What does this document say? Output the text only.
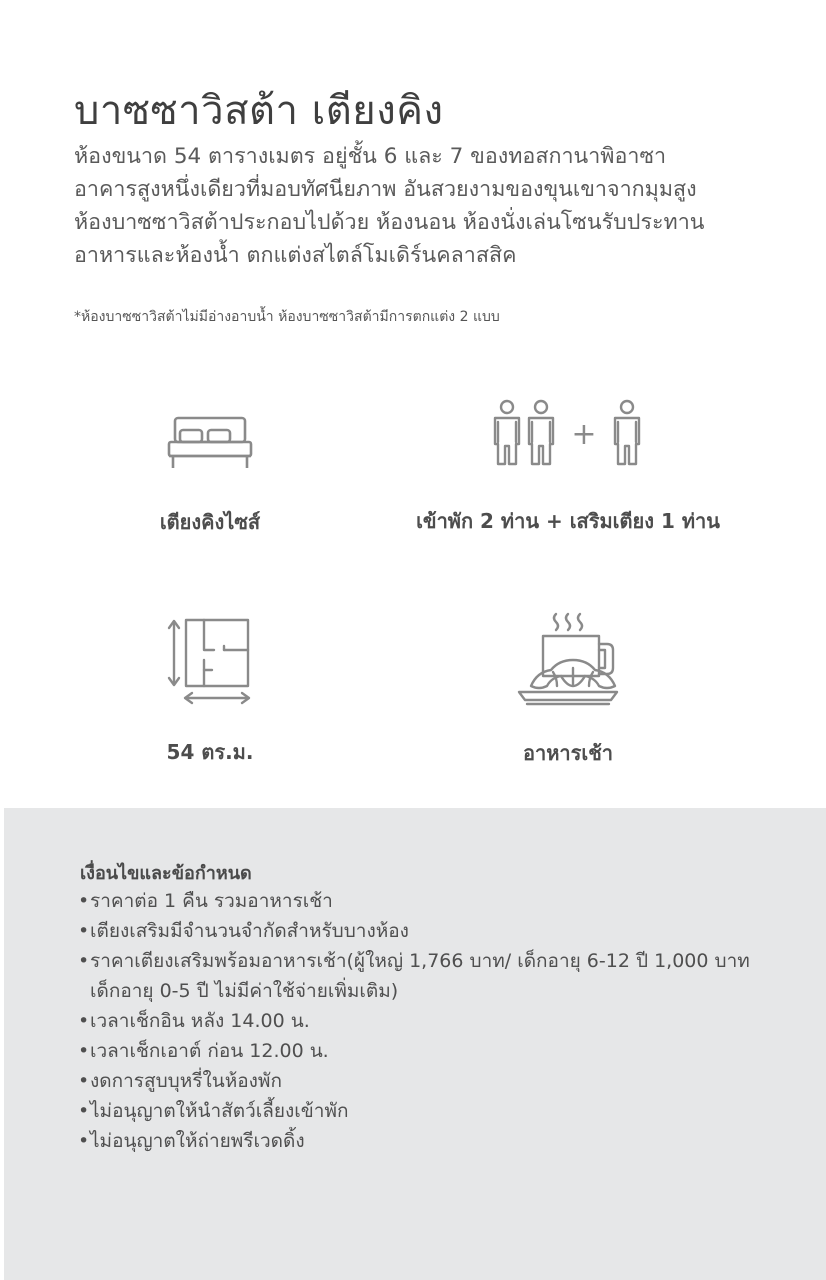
บาซซาวิสต้า เตียงคิง
ห้องขนาด 54 ตารางเมตร อยู่ชั้น 6 และ 7 ของทอสกานาพิอาซา
อาคารสูงหนึ่งเดียวที่มอบทัศนียภาพ อันสวยงามของขุนเขาจากมุมสูง
ห้องบาซซาวิสต้าประกอบไปด้วย ห้องนอน ห้องนั่งเล่นโซนรับประทาน
อาหารและห้องน้ำ ตกแต่งสไตล์โมเดิร์นคลาสสิค
*ห้องบาซซาวิสต้าไม่มีอ่างอาบน้ำ ห้องบาซซาวิสต้ามีการตกแต่ง 2 แบบ
เตียงคิงไซส์
+
เข้าพัก 2 ท่าน + เสริมเตียง 1 ท่าน
54 ตร.ม.	อาหารเช้า
เงื่อนไขและข้อกำหนด
• ราคาต่อ 1 คืน รวมอาหารเช้า
• เตียงเสริมมีจำนวนจำกัดสำหรับบางห้อง
• ราคาเตียงเสริมพร้อมอาหารเช้า(ผู้ใหญ่ 1,766 บาท/ เด็กอายุ 6-12 ปี 1,000 บาท
เด็กอายุ 0-5 ปี ไม่มีค่าใช้จ่ายเพิ่มเติม)
• เวลาเช็กอิน หลัง 14.00 น.
• เวลาเช็กเอาต์ ก่อน 12.00 น.
• งดการสูบบุหรี่ในห้องพัก
• ไม่อนุญาตให้นำสัตว์เลี้ยงเข้าพัก
• ไม่อนุญาตให้ถ่ายพรีเวดดิ้ง
